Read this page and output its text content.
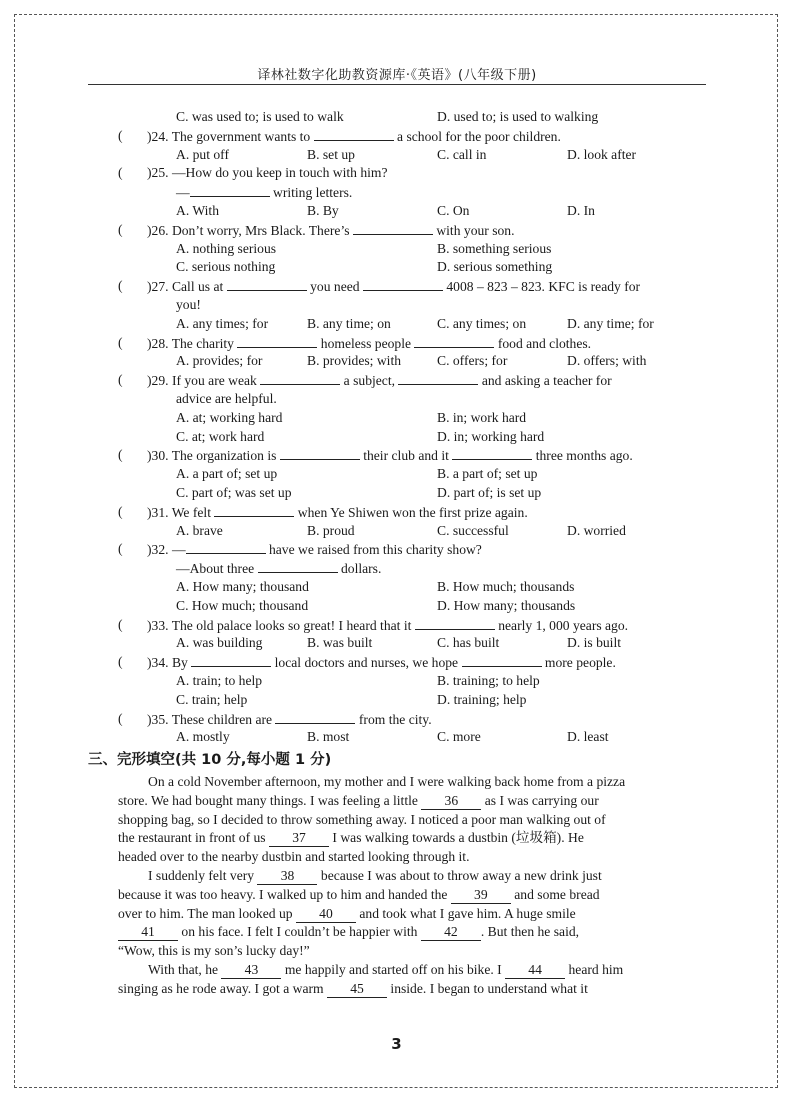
译林社数字化助教资源库·《英语》(八年级下册)
C. was used to; is used to walk	D. used to; is used to walking
(   )24. The government wants to	a school for the poor children.
A. put off	B. set up	C. call in	D. look after
(   )25. —How do you keep in touch with him?
—	writing letters.
A. With	B. By	C. On	D. In
(   )26. Don’t worry, Mrs Black. There’s	with your son.
A. nothing serious	B. something serious
C. serious nothing	D. serious something
(   )27. Call us at	you need	4008 – 823 – 823. KFC is ready for
you!
A. any times; for	B. any time; on	C. any times; on	D. any time; for
(   )28. The charity	homeless people	food and clothes.
A. provides; for	B. provides; with	C. offers; for	D. offers; with
(   )29. If you are weak	a subject,	and asking a teacher for
advice are helpful.
A. at; working hard	B. in; work hard
C. at; work hard	D. in; working hard
(   )30. The organization is	their club and it	three months ago.
A. a part of; set up	B. a part of; set up
C. part of; was set up	D. part of; is set up
(   )31. We felt	when Ye Shiwen won the first prize again.
A. brave	B. proud	C. successful	D. worried
(   )32. —	have we raised from this charity show?
—About three	dollars.
A. How many; thousand	B. How much; thousands
C. How much; thousand	D. How many; thousands
(   )33. The old palace looks so great! I heard that it	nearly 1, 000 years ago.
A. was building	B. was built	C. has built	D. is built
(   )34. By	local doctors and nurses, we hope	more people.
A. train; to help	B. training; to help
C. train; help	D. training; help
(   )35. These children are	from the city.
A. mostly	B. most	C. more	D. least
三、完形填空(共 10 分,每小题 1 分)
On a cold November afternoon, my mother and I were walking back home from a pizza
store. We had bought many things. I was feeling a little 36 as I was carrying our
shopping bag, so I decided to throw something away. I noticed a poor man walking out of
the restaurant in front of us 37 I was walking towards a dustbin (垃圾箱). He
headed over to the nearby dustbin and started looking through it.
I suddenly felt very 38 because I was about to throw away a new drink just
because it was too heavy. I walked up to him and handed the 39 and some bread
over to him. The man looked up 40 and took what I gave him. A huge smile
41 on his face. I felt I couldn’t be happier with 42 . But then he said,
“Wow, this is my son’s lucky day!”
With that, he 43 me happily and started off on his bike. I 44 heard him
singing as he rode away. I got a warm 45 inside. I began to understand what it
3
